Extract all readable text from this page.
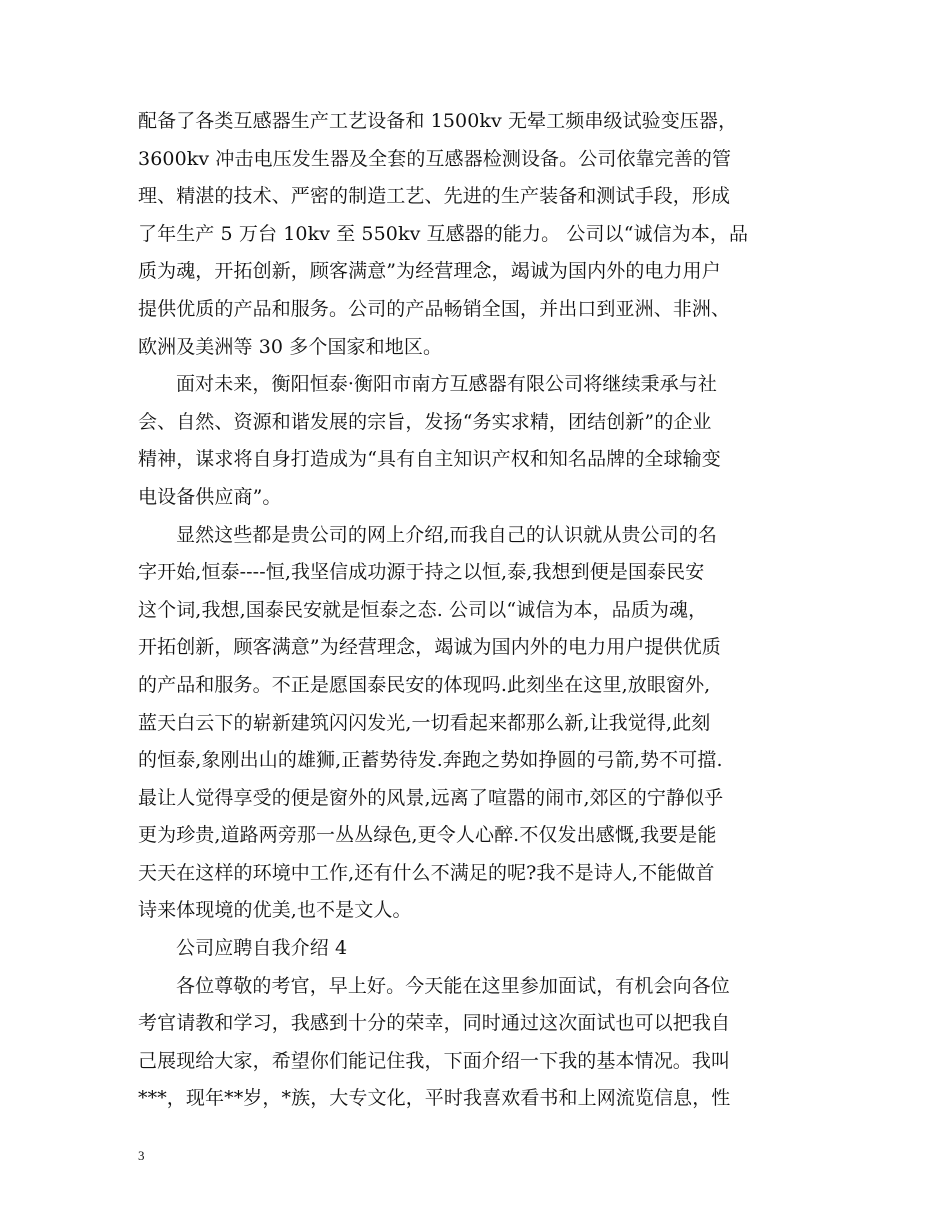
配备了各类互感器生产工艺设备和 1500kv 无晕工频串级试验变压器，
3600kv 冲击电压发生器及全套的互感器检测设备。公司依靠完善的管
理、精湛的技术、严密的制造工艺、先进的生产装备和测试手段，形成
了年生产 5 万台 10kv 至 550kv 互感器的能力。 公司以“诚信为本，品
质为魂，开拓创新，顾客满意”为经营理念，竭诚为国内外的电力用户
提供优质的产品和服务。公司的产品畅销全国，并出口到亚洲、非洲、
欧洲及美洲等 30 多个国家和地区。

面对未来，衡阳恒泰·衡阳市南方互感器有限公司将继续秉承与社
会、自然、资源和谐发展的宗旨，发扬“务实求精，团结创新”的企业
精神，谋求将自身打造成为“具有自主知识产权和知名品牌的全球输变
电设备供应商”。

显然这些都是贵公司的网上介绍,而我自己的认识就从贵公司的名
字开始,恒泰----恒,我坚信成功源于持之以恒,泰,我想到便是国泰民安
这个词,我想,国泰民安就是恒泰之态. 公司以“诚信为本，品质为魂，
开拓创新，顾客满意”为经营理念，竭诚为国内外的电力用户提供优质
的产品和服务。不正是愿国泰民安的体现吗.此刻坐在这里,放眼窗外,
蓝天白云下的崭新建筑闪闪发光,一切看起来都那么新,让我觉得,此刻
的恒泰,象刚出山的雄狮,正蓄势待发.奔跑之势如挣圆的弓箭,势不可擋.
最让人觉得享受的便是窗外的风景,远离了喧嚣的闹市,郊区的宁静似乎
更为珍贵,道路两旁那一丛丛绿色,更令人心醉.不仅发出感慨,我要是能
天天在这样的环境中工作,还有什么不满足的呢?我不是诗人,不能做首
诗来体现境的优美,也不是文人。

公司应聘自我介绍 4

各位尊敬的考官，早上好。今天能在这里参加面试，有机会向各位
考官请教和学习，我感到十分的荣幸，同时通过这次面试也可以把我自
己展现给大家，希望你们能记住我，下面介绍一下我的基本情况。我叫
***，现年**岁，*族，大专文化，平时我喜欢看书和上网流览信息，性

3
